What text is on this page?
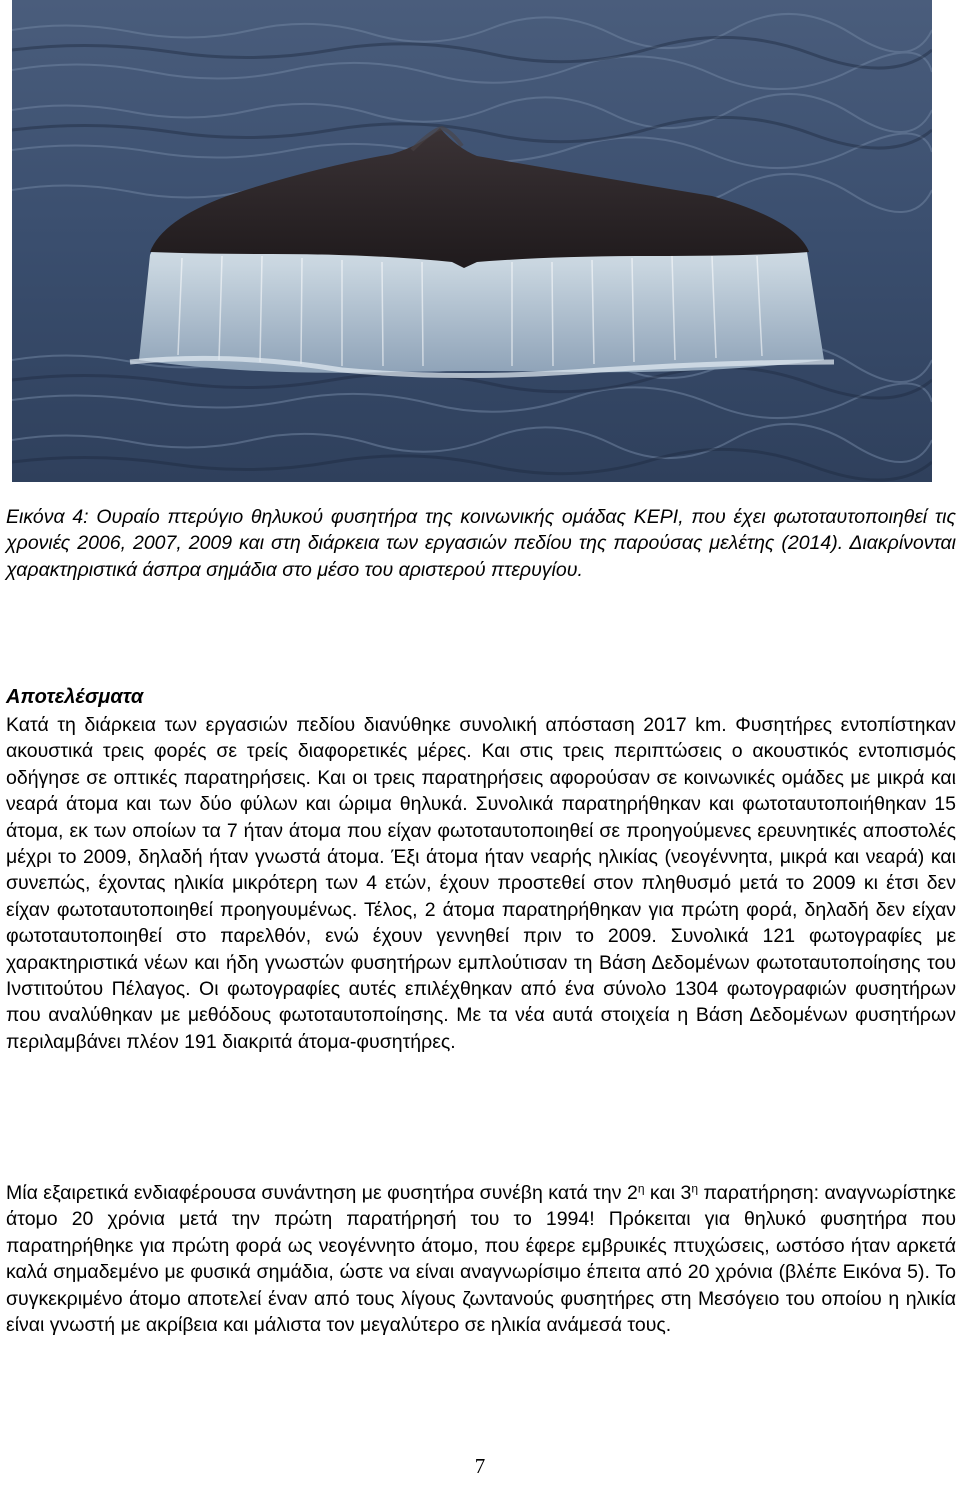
Εικόνα 4: Ουραίο πτερύγιο θηλυκού φυσητήρα της κοινωνικής ομάδας KEPI, που έχει φωτοταυτοποιηθεί τις χρονιές 2006, 2007, 2009 και στη διάρκεια των εργασιών πεδίου της παρούσας μελέτης (2014). Διακρίνονται χαρακτηριστικά άσπρα σημάδια στο μέσο του αριστερού πτερυγίου.
Αποτελέσματα
Κατά τη διάρκεια των εργασιών πεδίου διανύθηκε συνολική απόσταση 2017 km. Φυσητήρες εντοπίστηκαν ακουστικά τρεις φορές σε τρείς διαφορετικές μέρες. Και στις τρεις περιπτώσεις ο ακουστικός εντοπισμός οδήγησε σε οπτικές παρατηρήσεις. Και οι τρεις παρατηρήσεις αφορούσαν σε κοινωνικές ομάδες με μικρά και νεαρά άτομα και των δύο φύλων και ώριμα θηλυκά. Συνολικά παρατηρήθηκαν και φωτοταυτοποιήθηκαν 15 άτομα, εκ των οποίων τα 7 ήταν άτομα που είχαν φωτοταυτοποιηθεί σε προηγούμενες ερευνητικές αποστολές μέχρι το 2009, δηλαδή ήταν γνωστά άτομα. Έξι άτομα ήταν νεαρής ηλικίας (νεογέννητα, μικρά και νεαρά) και συνεπώς, έχοντας ηλικία μικρότερη των 4 ετών, έχουν προστεθεί στον πληθυσμό μετά το 2009 κι έτσι δεν είχαν φωτοταυτοποιηθεί προηγουμένως. Τέλος, 2 άτομα παρατηρήθηκαν για πρώτη φορά, δηλαδή δεν είχαν φωτοταυτοποιηθεί στο παρελθόν, ενώ έχουν γεννηθεί πριν το 2009. Συνολικά 121 φωτογραφίες με χαρακτηριστικά νέων και ήδη γνωστών φυσητήρων εμπλούτισαν τη Βάση Δεδομένων φωτοταυτοποίησης του Ινστιτούτου Πέλαγος. Οι φωτογραφίες αυτές επιλέχθηκαν από ένα σύνολο 1304 φωτογραφιών φυσητήρων που αναλύθηκαν με μεθόδους φωτοταυτοποίησης. Με τα νέα αυτά στοιχεία η Βάση Δεδομένων φυσητήρων περιλαμβάνει πλέον 191 διακριτά άτομα-φυσητήρες.
Μία εξαιρετικά ενδιαφέρουσα συνάντηση με φυσητήρα συνέβη κατά την $2^\eta$ και $3^\eta$ παρατήρηση: αναγνωρίστηκε άτομο 20 χρόνια μετά την πρώτη παρατήρησή του το 1994! Πρόκειται για θηλυκό φυσητήρα που παρατηρήθηκε για πρώτη φορά ως νεογέννητο άτομο, που έφερε εμβρυικές πτυχώσεις, ωστόσο ήταν αρκετά καλά σημαδεμένο με φυσικά σημάδια, ώστε να είναι αναγνωρίσιμο έπειτα από 20 χρόνια (βλέπε Εικόνα 5). Το συγκεκριμένο άτομο αποτελεί έναν από τους λίγους ζωντανούς φυσητήρες στη Μεσόγειο του οποίου η ηλικία είναι γνωστή με ακρίβεια και μάλιστα τον μεγαλύτερο σε ηλικία ανάμεσά τους.
7
